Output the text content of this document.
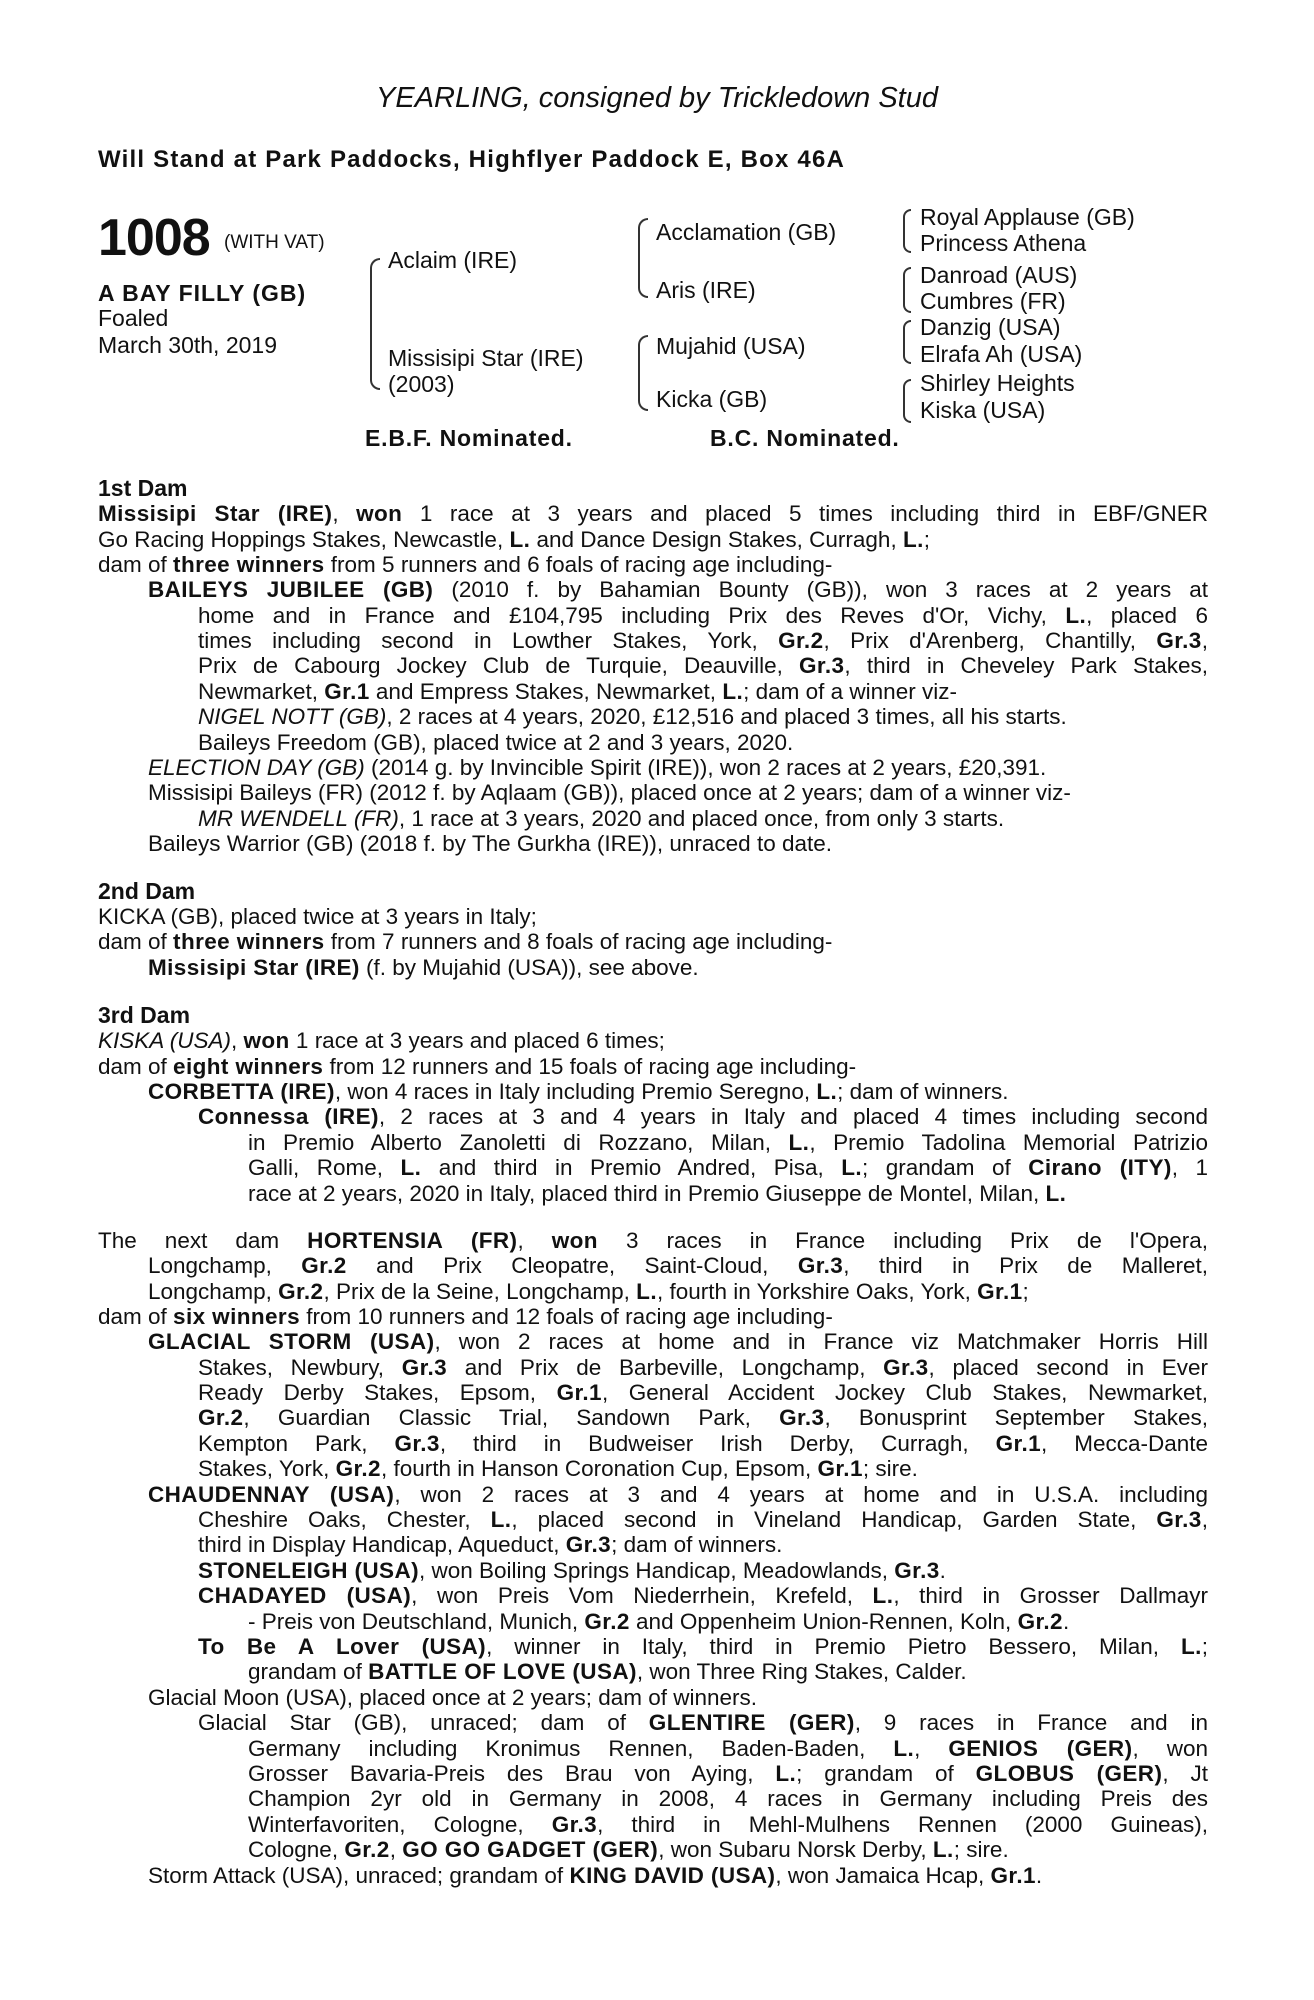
YEARLING, consigned by Trickledown Stud
Will Stand at Park Paddocks, Highflyer Paddock E, Box 46A
1008 (WITH VAT)
A BAY FILLY (GB)
Foaled
March 30th, 2019
Aclaim (IRE)
Missisipi Star (IRE)
(2003)
Acclamation (GB)
Aris (IRE)
Mujahid (USA)
Kicka (GB)
Royal Applause (GB)
Princess Athena
Danroad (AUS)
Cumbres (FR)
Danzig (USA)
Elrafa Ah (USA)
Shirley Heights
Kiska (USA)
E.B.F. Nominated.	B.C. Nominated.
1st Dam
Missisipi Star (IRE), won 1 race at 3 years and placed 5 times including third in EBF/GNER
Go Racing Hoppings Stakes, Newcastle, L. and Dance Design Stakes, Curragh, L.;
dam of three winners from 5 runners and 6 foals of racing age including-
BAILEYS JUBILEE (GB) (2010 f. by Bahamian Bounty (GB)), won 3 races at 2 years at
home and in France and £104,795 including Prix des Reves d'Or, Vichy, L., placed 6
times including second in Lowther Stakes, York, Gr.2, Prix d'Arenberg, Chantilly, Gr.3,
Prix de Cabourg Jockey Club de Turquie, Deauville, Gr.3, third in Cheveley Park Stakes,
Newmarket, Gr.1 and Empress Stakes, Newmarket, L.; dam of a winner viz-
NIGEL NOTT (GB), 2 races at 4 years, 2020, £12,516 and placed 3 times, all his starts.
Baileys Freedom (GB), placed twice at 2 and 3 years, 2020.
ELECTION DAY (GB) (2014 g. by Invincible Spirit (IRE)), won 2 races at 2 years, £20,391.
Missisipi Baileys (FR) (2012 f. by Aqlaam (GB)), placed once at 2 years; dam of a winner viz-
MR WENDELL (FR), 1 race at 3 years, 2020 and placed once, from only 3 starts.
Baileys Warrior (GB) (2018 f. by The Gurkha (IRE)), unraced to date.
2nd Dam
KICKA (GB), placed twice at 3 years in Italy;
dam of three winners from 7 runners and 8 foals of racing age including-
Missisipi Star (IRE) (f. by Mujahid (USA)), see above.
3rd Dam
KISKA (USA), won 1 race at 3 years and placed 6 times;
dam of eight winners from 12 runners and 15 foals of racing age including-
CORBETTA (IRE), won 4 races in Italy including Premio Seregno, L.; dam of winners.
Connessa (IRE), 2 races at 3 and 4 years in Italy and placed 4 times including second
in Premio Alberto Zanoletti di Rozzano, Milan, L., Premio Tadolina Memorial Patrizio
Galli, Rome, L. and third in Premio Andred, Pisa, L.; grandam of Cirano (ITY), 1
race at 2 years, 2020 in Italy, placed third in Premio Giuseppe de Montel, Milan, L.
The next dam HORTENSIA (FR), won 3 races in France including Prix de l'Opera,
Longchamp, Gr.2 and Prix Cleopatre, Saint-Cloud, Gr.3, third in Prix de Malleret,
Longchamp, Gr.2, Prix de la Seine, Longchamp, L., fourth in Yorkshire Oaks, York, Gr.1;
dam of six winners from 10 runners and 12 foals of racing age including-
GLACIAL STORM (USA), won 2 races at home and in France viz Matchmaker Horris Hill
Stakes, Newbury, Gr.3 and Prix de Barbeville, Longchamp, Gr.3, placed second in Ever
Ready Derby Stakes, Epsom, Gr.1, General Accident Jockey Club Stakes, Newmarket,
Gr.2, Guardian Classic Trial, Sandown Park, Gr.3, Bonusprint September Stakes,
Kempton Park, Gr.3, third in Budweiser Irish Derby, Curragh, Gr.1, Mecca-Dante
Stakes, York, Gr.2, fourth in Hanson Coronation Cup, Epsom, Gr.1; sire.
CHAUDENNAY (USA), won 2 races at 3 and 4 years at home and in U.S.A. including
Cheshire Oaks, Chester, L., placed second in Vineland Handicap, Garden State, Gr.3,
third in Display Handicap, Aqueduct, Gr.3; dam of winners.
STONELEIGH (USA), won Boiling Springs Handicap, Meadowlands, Gr.3.
CHADAYED (USA), won Preis Vom Niederrhein, Krefeld, L., third in Grosser Dallmayr
- Preis von Deutschland, Munich, Gr.2 and Oppenheim Union-Rennen, Koln, Gr.2.
To Be A Lover (USA), winner in Italy, third in Premio Pietro Bessero, Milan, L.;
grandam of BATTLE OF LOVE (USA), won Three Ring Stakes, Calder.
Glacial Moon (USA), placed once at 2 years; dam of winners.
Glacial Star (GB), unraced; dam of GLENTIRE (GER), 9 races in France and in
Germany including Kronimus Rennen, Baden-Baden, L., GENIOS (GER), won
Grosser Bavaria-Preis des Brau von Aying, L.; grandam of GLOBUS (GER), Jt
Champion 2yr old in Germany in 2008, 4 races in Germany including Preis des
Winterfavoriten, Cologne, Gr.3, third in Mehl-Mulhens Rennen (2000 Guineas),
Cologne, Gr.2, GO GO GADGET (GER), won Subaru Norsk Derby, L.; sire.
Storm Attack (USA), unraced; grandam of KING DAVID (USA), won Jamaica Hcap, Gr.1.
